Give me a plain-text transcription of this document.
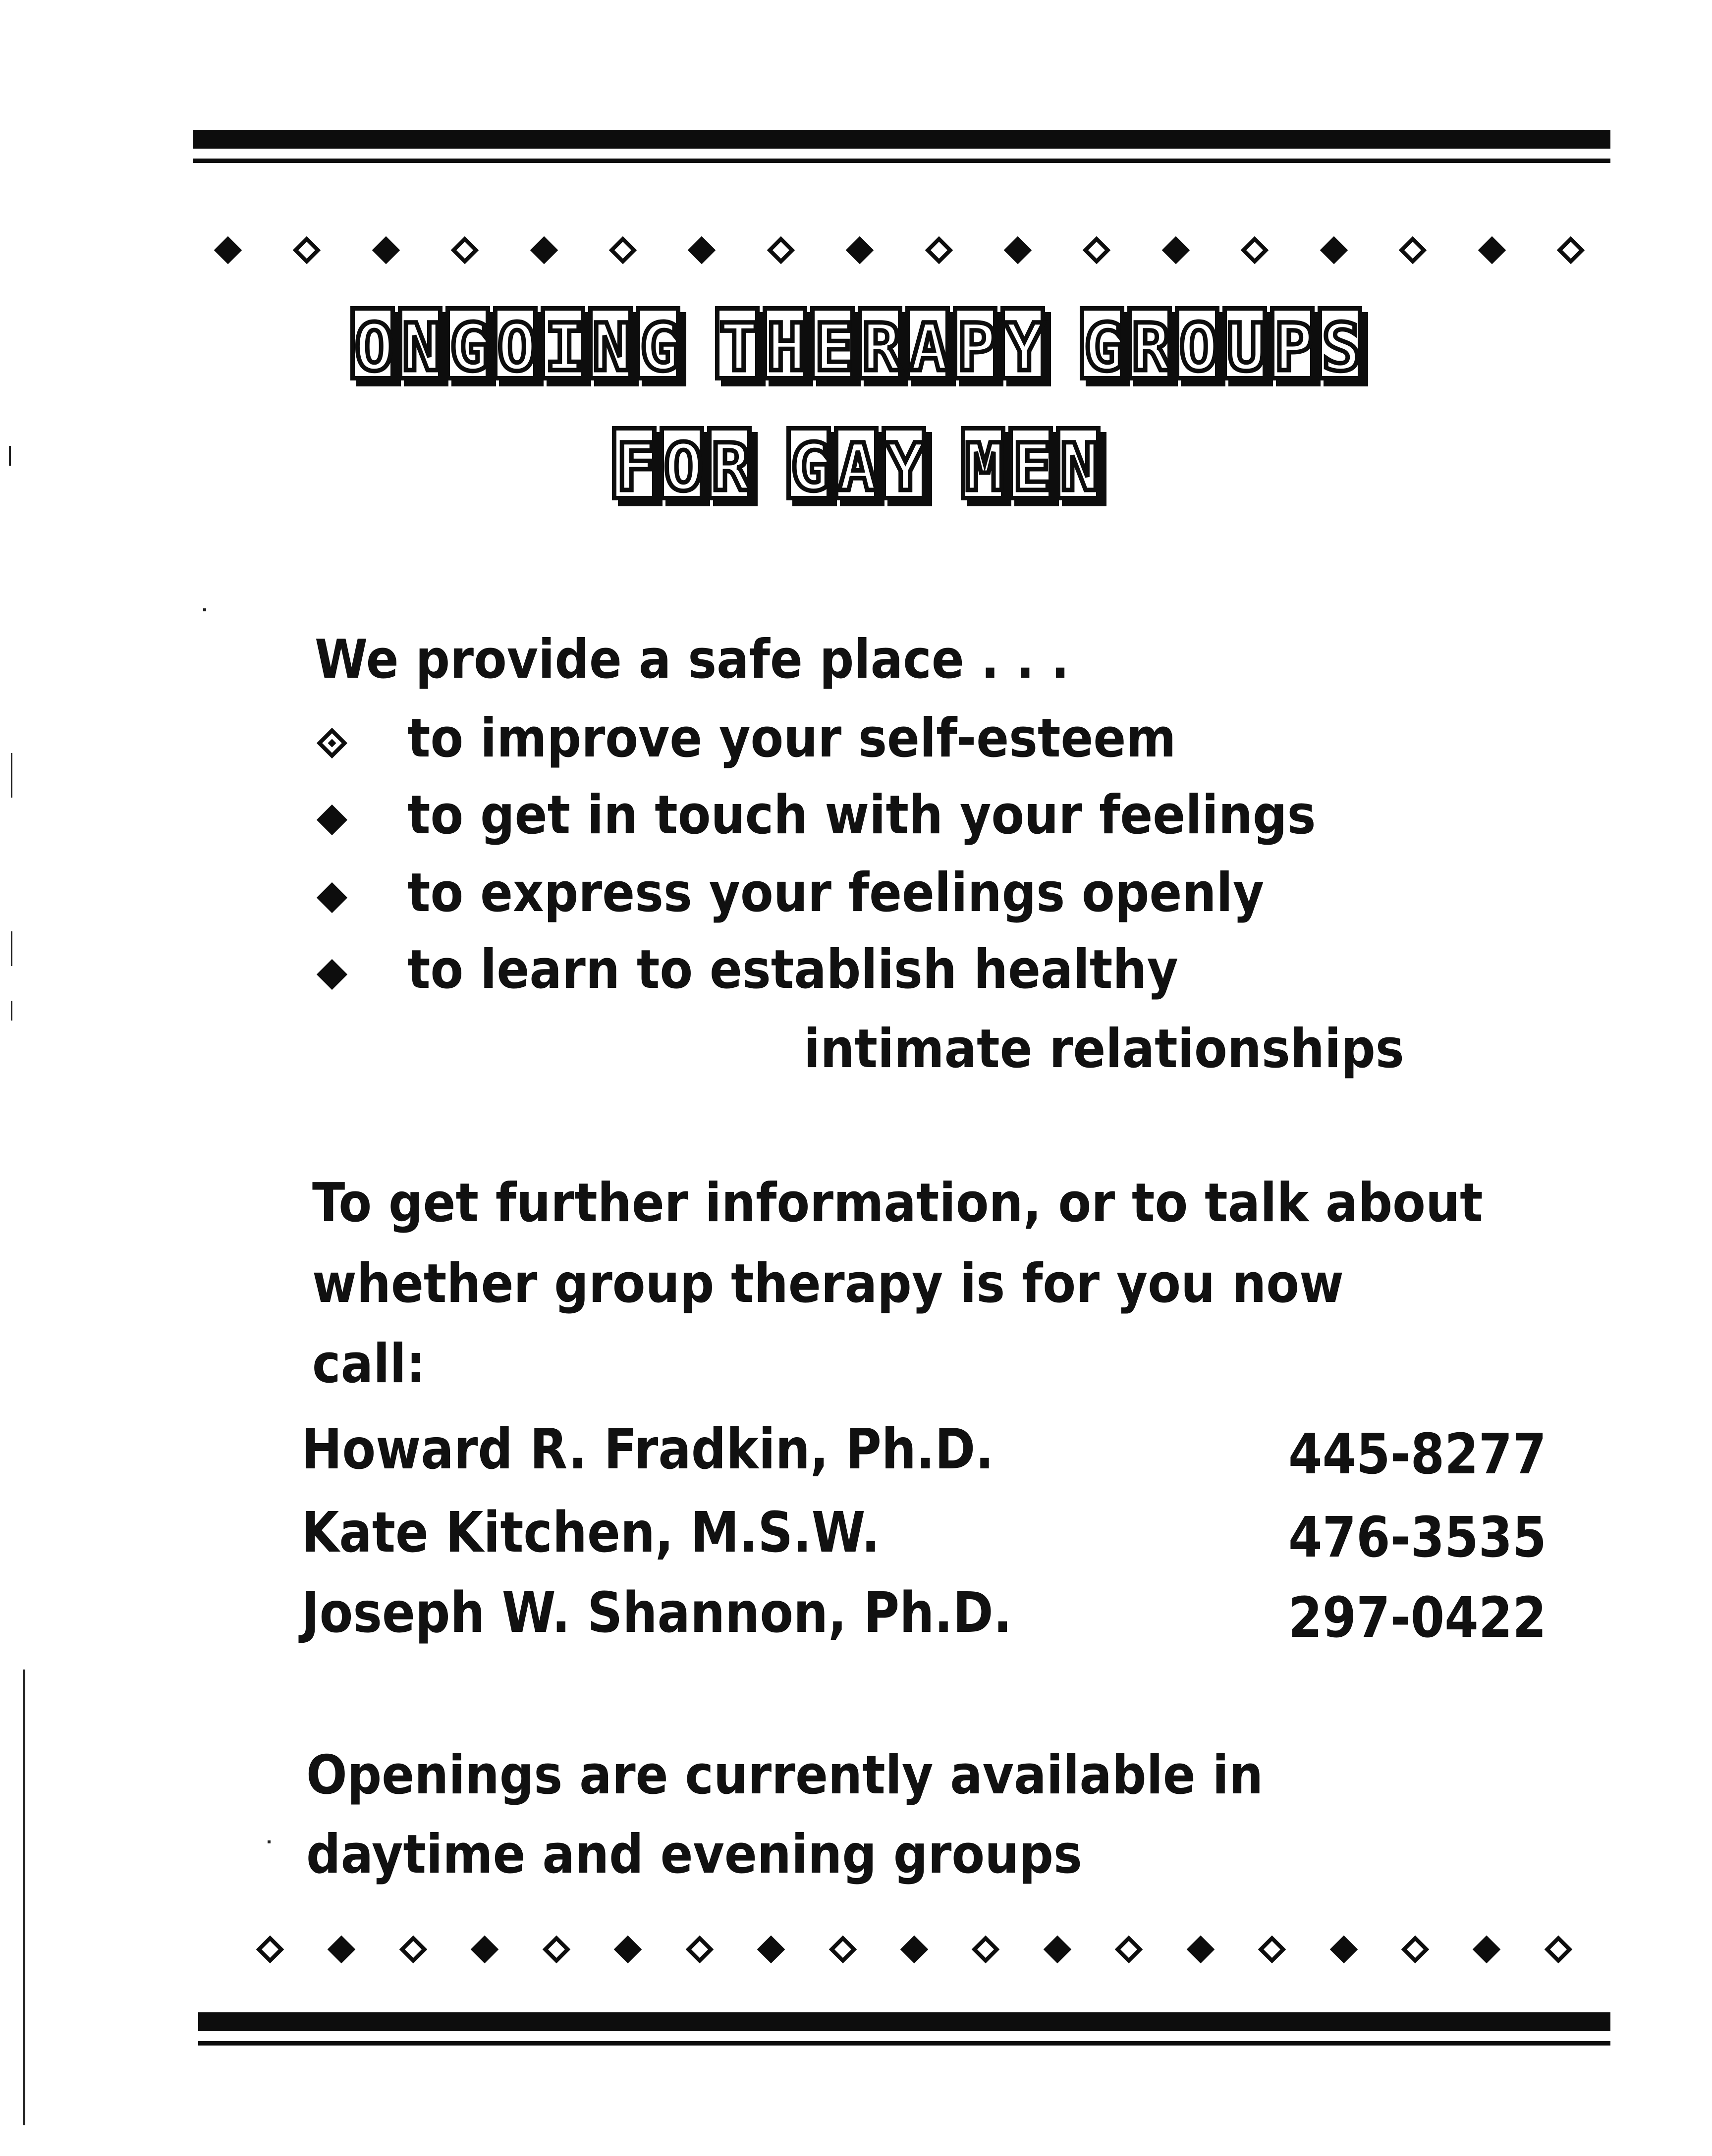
O N G O I N G T H E R A P Y G R O U P S
F O R G A Y M E N
We provide a safe place . . .
to improve your self-esteem
to get in touch with your feelings
to express your feelings openly
to learn to establish healthy
intimate relationships
To get further information, or to talk about
whether group therapy is for you now
call:
Howard R. Fradkin, Ph.D.	445-8277
Kate Kitchen, M.S.W.	476-3535
Joseph W. Shannon, Ph.D.	297-0422
Openings are currently available in
daytime and evening groups
